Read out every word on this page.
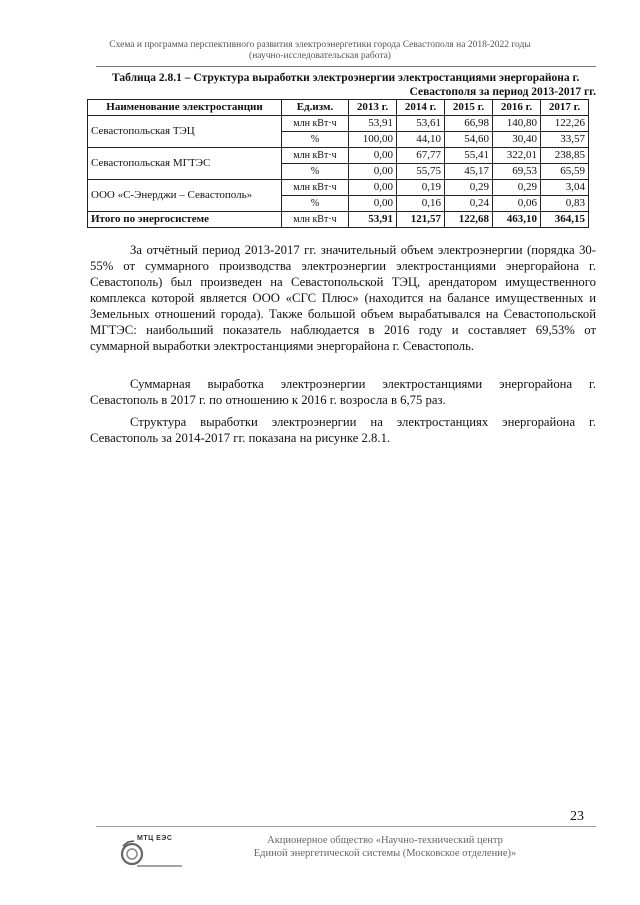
Схема и программа перспективного развития электроэнергетики города Севастополя на 2018-2022 годы
(научно-исследовательская работа)
Таблица 2.8.1 – Структура выработки электроэнергии электростанциями энергорайона г.
Севастополя за период 2013-2017 гг.
Наименование электростанции	Ед.изм.	2013 г.	2014 г.	2015 г.	2016 г.	2017 г.
Севастопольская ТЭЦ	млн кВт·ч	53,91	53,61	66,98	140,80	122,26
	%	100,00	44,10	54,60	30,40	33,57
Севастопольская МГТЭС	млн кВт·ч	0,00	67,77	55,41	322,01	238,85
	%	0,00	55,75	45,17	69,53	65,59
ООО «С-Энерджи – Севастополь»	млн кВт·ч	0,00	0,19	0,29	0,29	3,04
	%	0,00	0,16	0,24	0,06	0,83
Итого по энергосистеме	млн кВт·ч	53,91	121,57	122,68	463,10	364,15

За отчётный период 2013-2017 гг. значительный объем электроэнергии (порядка 30-55% от суммарного производства электроэнергии электростанциями энергорайона г. Севастополь) был произведен на Севастопольской ТЭЦ, арендатором имущественного комплекса которой является ООО «СГС Плюс» (находится на балансе имущественных и Земельных отношений города). Также большой объем вырабатывался на Севастопольской МГТЭС: наибольший показатель наблюдается в 2016 году и составляет 69,53% от суммарной выработки электростанциями энергорайона г. Севастополь.

Суммарная выработка электроэнергии электростанциями энергорайона г. Севастополь в 2017 г. по отношению к 2016 г. возросла в 6,75 раз.

Структура выработки электроэнергии на электростанциях энергорайона г. Севастополь за 2014-2017 гг. показана на рисунке 2.8.1.

23
МТЦ ЕЭС	Акционерное общество «Научно-технический центр
Единой энергетической системы (Московское отделение)»
